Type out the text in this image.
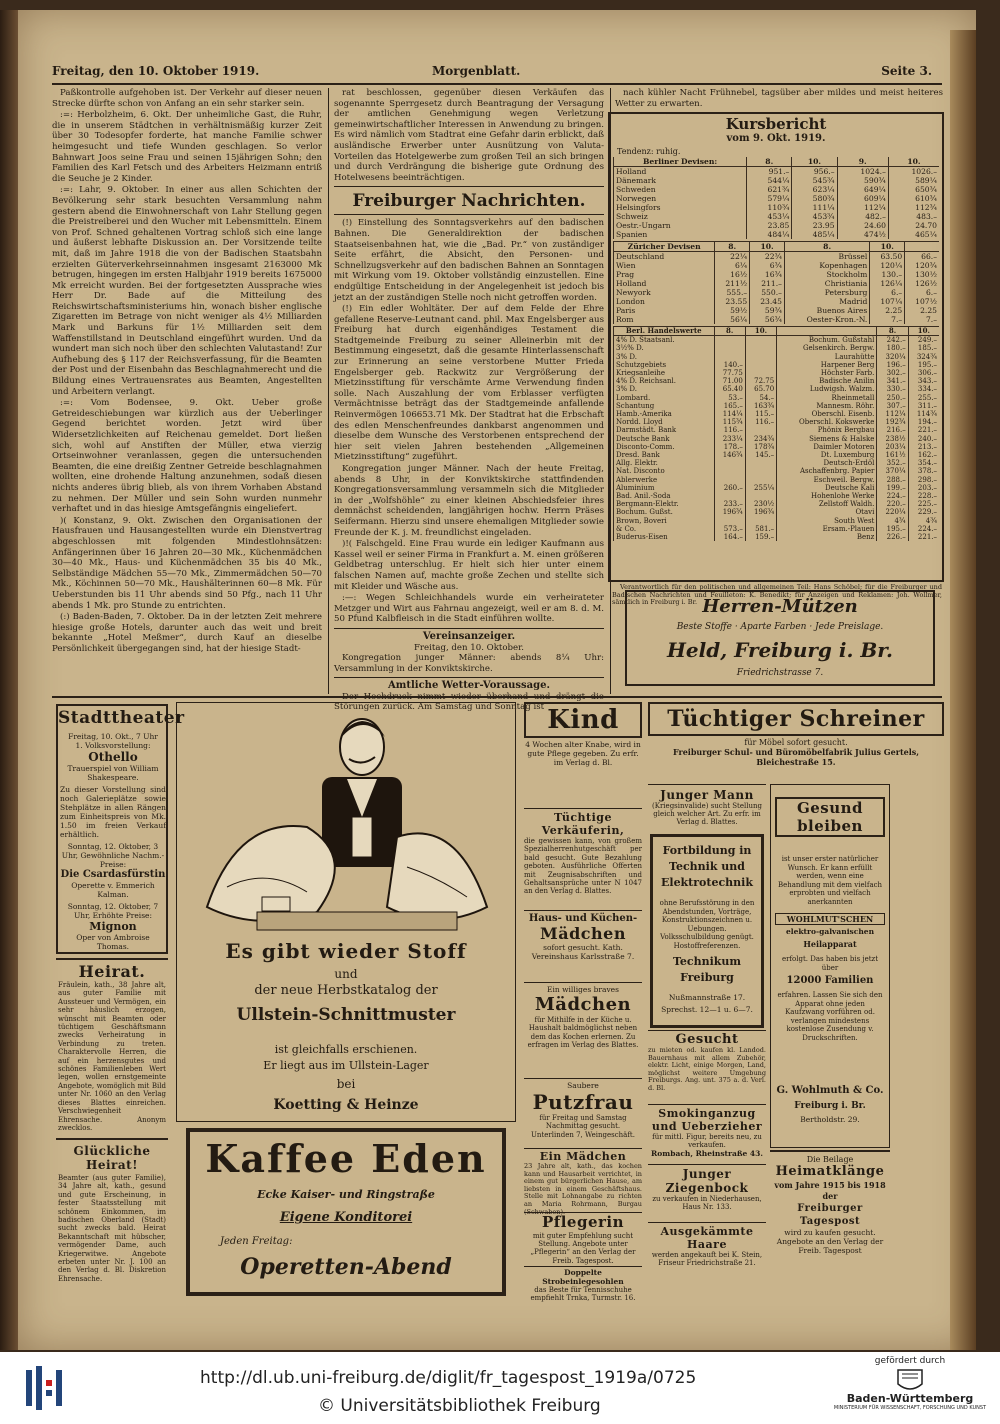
Freitag, den 10. Oktober 1919.	Morgenblatt.	Seite 3.

Paßkontrolle aufgehoben ist. Der Verkehr auf dieser neuen Strecke dürfte schon von Anfang an ein sehr starker sein.

:=: Herbolzheim, 6. Okt. Der unheimliche Gast, die Ruhr, die in unserem Städtchen in verhältnismäßig kurzer Zeit über 30 Todesopfer forderte, hat manche Familie schwer heimgesucht und tiefe Wunden geschlagen. So verlor Bahnwart Joos seine Frau und seinen 15jährigen Sohn; den Familien des Karl Fetsch und des Arbeiters Heizmann entriß die Seuche je 2 Kinder.

:=: Lahr, 9. Oktober. In einer aus allen Schichten der Bevölkerung sehr stark besuchten Versammlung nahm gestern abend die Einwohnerschaft von Lahr Stellung gegen die Preistreiberei und den Wucher mit Lebensmitteln. Einem von Prof. Schned gehaltenen Vortrag schloß sich eine lange und äußerst lebhafte Diskussion an. Der Vorsitzende teilte mit, daß im Jahre 1918 die von der Badischen Staatsbahn erzielten Güterverkehrseinnahmen insgesamt 2163000 Mk betrugen, hingegen im ersten Halbjahr 1919 bereits 1675000 Mk erreicht wurden. Bei der fortgesetzten Aussprache wies Herr Dr. Bade auf die Mitteilung des Reichswirtschaftsministeriums hin, wonach bisher englische Zigaretten im Betrage von nicht weniger als 4½ Milliarden Mark und Barkuns für 1½ Milliarden seit dem Waffenstillstand in Deutschland eingeführt wurden. Und da wundert man sich noch über den schlechten Valutastand! Zur Aufhebung des § 117 der Reichsverfassung, für die Beamten der Post und der Eisenbahn das Beschlagnahmerecht und die Bildung eines Vertrauensrates aus Beamten, Angestellten und Arbeitern verlangt.

:=: Vom Bodensee, 9. Okt. Ueber große Getreideschiebungen war kürzlich aus der Ueberlinger Gegend berichtet worden. Jetzt wird über Widersetzlichkeiten auf Reichenau gemeldet. Dort ließen sich, wohl auf Anstiften der Müller, etwa vierzig Ortseinwohner veranlassen, gegen die untersuchenden Beamten, die eine dreißig Zentner Getreide beschlagnahmen wollten, eine drohende Haltung anzunehmen, sodaß diesen nichts anderes übrig blieb, als von ihrem Vorhaben Abstand zu nehmen. Der Müller und sein Sohn wurden nunmehr verhaftet und in das hiesige Amtsgefängnis eingeliefert.

)( Konstanz, 9. Okt. Zwischen den Organisationen der Hausfrauen und Hausangestellten wurde ein Dienstvertrag abgeschlossen mit folgenden Mindestlohnsätzen: Anfängerinnen über 16 Jahren 20—30 Mk., Küchenmädchen 30—40 Mk., Haus- und Küchenmädchen 35 bis 40 Mk., Selbständige Mädchen 55—70 Mk., Zimmermädchen 50—70 Mk., Köchinnen 50—70 Mk., Haushälterinnen 60—8 Mk. Für Ueberstunden bis 11 Uhr abends sind 50 Pfg., nach 11 Uhr abends 1 Mk. pro Stunde zu entrichten.

(:) Baden-Baden, 7. Oktober. Da in der letzten Zeit mehrere hiesige große Hotels, darunter auch das weit und breit bekannte „Hotel Meßmer“, durch Kauf an dieselbe Persönlichkeit übergegangen sind, hat der hiesige Stadt-

rat beschlossen, gegenüber diesen Verkäufen das sogenannte Sperrgesetz durch Beantragung der Versagung der amtlichen Genehmigung wegen Verletzung gemeinwirtschaftlicher Interessen in Anwendung zu bringen. Es wird nämlich vom Stadtrat eine Gefahr darin erblickt, daß ausländische Erwerber unter Ausnützung von Valuta-Vorteilen das Hotelgewerbe zum großen Teil an sich bringen und durch Verdrängung die bisherige gute Ordnung des Hotelwesens beeinträchtigen.

Freiburger Nachrichten.

(!) Einstellung des Sonntagsverkehrs auf den badischen Bahnen. Die Generaldirektion der badischen Staatseisenbahnen hat, wie die „Bad. Pr.“ von zuständiger Seite erfährt, die Absicht, den Personen- und Schnellzugsverkehr auf den badischen Bahnen an Sonntagen mit Wirkung vom 19. Oktober vollständig einzustellen. Eine endgültige Entscheidung in der Angelegenheit ist jedoch bis jetzt an der zuständigen Stelle noch nicht getroffen worden.

(!) Ein edler Wohltäter. Der auf dem Felde der Ehre gefallene Reserve-Leutnant cand. phil. Max Engelsberger aus Freiburg hat durch eigenhändiges Testament die Stadtgemeinde Freiburg zu seiner Alleinerbin mit der Bestimmung eingesetzt, daß die gesamte Hinterlassenschaft zur Erinnerung an seine verstorbene Mutter Frieda Engelsberger geb. Rackwitz zur Vergrößerung der Mietzinsstiftung für verschämte Arme Verwendung finden solle. Nach Auszahlung der vom Erblasser verfügten Vermächtnisse beträgt das der Stadtgemeinde anfallende Reinvermögen 106653.71 Mk. Der Stadtrat hat die Erbschaft des edlen Menschenfreundes dankbarst angenommen und dieselbe dem Wunsche des Verstorbenen entsprechend der hier seit vielen Jahren bestehenden „Allgemeinen Mietzinsstiftung“ zugeführt.

Kongregation junger Männer. Nach der heute Freitag, abends 8 Uhr, in der Konviktskirche stattfindenden Kongregationsversammlung versammeln sich die Mitglieder in der „Wolfshöhle“ zu einer kleinen Abschiedsfeier ihres demnächst scheidenden, langjährigen hochw. Herrn Präses Seifermann. Hierzu sind unsere ehemaligen Mitglieder sowie Freunde der K. j. M. freundlichst eingeladen.

)!( Falschgeld. Eine Frau wurde ein lediger Kaufmann aus Kassel weil er seiner Firma in Frankfurt a. M. einen größeren Geldbetrag unterschlug. Er hielt sich hier unter einem falschen Namen auf, machte große Zechen und stellte sich mit Kleider und Wäsche aus.

:—: Wegen Schleichhandels wurde ein verheirateter Metzger und Wirt aus Fahrnau angezeigt, weil er am 8. d. M. 50 Pfund Kalbfleisch in die Stadt einführen wollte.

Vereinsanzeiger.
Freitag, den 10. Oktober.

Kongregation junger Männer: abends 8¼ Uhr: Versammlung in der Konviktskirche.

Amtliche Wetter-Voraussage.

Störungen zurück. Am Samstag und Sonntag ist

nach kühler Nacht Frühnebel, tagsüber aber mildes und meist heiteres Wetter zu erwarten.

Kursbericht
vom 9. Okt. 1919.
Tendenz: ruhig.
Berliner Devisen:	8.	10.	9.	10.
Holland	951.–	956.–	1024.–	1026.–
Dänemark	544¼	545¾	590¾	589¼
Schweden	621¾	623¼	649¼	650¾
Norwegen	579¼	580¾	609¼	610¾
Helsingfors	110¾	111¼	112¼	112¾
Schweiz	453¼	453¾	482.–	483.–
Oestr.-Ungarn	23.85	23.95	24.60	24.70
Spanien	484¼	485¼	474½	465¼
Züricher Devisen	8.	10.	8.	10.	
Deutschland	22¼	22¾	Brüssel	63.50	66.–
Wien	6¼	6¾	Kopenhagen	120¼	120¾
Prag	16½	16¾	Stockholm	130.–	130½
Holland	211½	211.–	Christiania	126¼	126½
Newyork	555.–	550.–	Petersburg	6.–	6.–
London	23.55	23.45	Madrid	107¼	107½
Paris	59½	59¾	Buenos Aires	2.25	2.25
Rom	56¼	56¾	Oester-Kron.-N.	7.–	7.–
Berl. Handelswerte	8.	10.		8.	10.
4% D. Staatsanl.			Bochum. Gußstahl	242.–	249.–
3½% D.			Gelsenkirch. Bergw.	180.–	185.–
3% D.			Laurahütte	320¼	324¾
Schutzgebiets	140.–		Harpener Berg	196.–	195.–
Kriegsanleihe	77.75		Höchster Farb.	302.–	306.–
4% D. Reichsanl.	71.00	72.75	Badische Anilin	341.–	343.–
3% D.	65.40	65.70	Ludwigsh. Walzm.	330.–	334.–
Lombard.	53.–	54.–	Rheinmetall	250.–	255.–
Schantung	165.–	163¾	Mannesm. Röhr.	307.–	311.–
Hamb.-Amerika	114¼	115.–	Oberschl. Eisenb.	112¼	114¾
Nordd. Lloyd	115¾	116.–	Oberschl. Kokswerke	192¾	194.–
Darmstädt. Bank	116.–		Phönix Bergbau	216.–	221.–
Deutsche Bank	233¼	234¾	Siemens & Halske	238½	240.–
Disconto-Comm.	178.–	178¾	Daimler Motoren	203¼	213.–
Dresd. Bank	146¾	145.–	Dt. Luxemburg	161½	162.–
Allg. Elektr.			Deutsch-Erdöl	352.–	354.–
Nat. Disconto			Aschaffenbrg. Papier	370¼	378.–
Ablerwerke			Eschweil. Bergw.	288.–	298.–
Aluminium	260.–	255¼	Deutsche Kali	199.–	203.–
Bad. Anil.-Soda			Hohenlohe Werke	224.–	228.–
Bergmann-Elektr.	233.–	230½	Zellstoff Waldh.	220.–	225.–
Bochum. Gußst.	196¾	196¾	Otavi	220¼	229.–
Brown, Boveri			South West	4¾	4¾
& Co.	573.–	581.–	Ersam.-Plauen	195.–	224.–
Buderus-Eisen	164.–	159.–	Benz	226.–	221.–

Verantwortlich für den politischen und allgemeinen Teil: Hans Schöbel; für die Freiburger und Badischen Nachrichten und Feuilleton: K. Benedikt; für Anzeigen und Reklamen: Joh. Wollmer, sämtlich in Freiburg i. Br. Herren-Mützen
Beste Stoffe · Aparte Farben · Jede Preislage.
Held, Freiburg i. Br.
Friedrichstrasse 7.
Stadttheater
Freitag, 10. Okt., 7 Uhr
1. Volksvorstellung:
Othello
Trauerspiel von William Shakespeare.
Zu dieser Vorstellung sind noch Galerieplätze sowie Stehplätze in allen Rängen zum Einheitspreis von Mk. 1.50 im freien Verkauf erhältlich.
Sonntag, 12. Oktober, 3 Uhr, Gewöhnliche Nachm.-Preise:
Die Csardasfürstin
Operette v. Emmerich Kalman.
Sonntag, 12. Oktober, 7 Uhr, Erhöhte Preise:
Mignon
Oper von Ambroise Thomas.
Heirat.
Fräulein, kath., 38 Jahre alt, aus guter Familie mit Aussteuer und Vermögen, ein sehr häuslich erzogen, wünscht mit Beamten oder tüchtigem Geschäftsmann zwecks Verheiratung in Verbindung zu treten. Charaktervolle Herren, die auf ein herzensgutes und schönes Familienleben Wert legen, wollen ernstgemeinte Angebote, womöglich mit Bild unter Nr. 1060 an den Verlag dieses Blattes einreichen. Verschwiegenheit Ehrensache. Anonym zwecklos.
Glückliche Heirat!
Beamter (aus guter Familie), 34 Jahre alt, kath., gesund und gute Erscheinung, in fester Staatsstellung mit schönem Einkommen, im badischen Oberland (Stadt) sucht zwecks bald. Heirat Bekanntschaft mit hübscher, vermögender Dame, auch Kriegerwitwe. Angebote erbeten unter Nr. J. 100 an den Verlag d. Bl. Diskretion Ehrensache.
Es gibt wieder Stoff
und
der neue Herbstkatalog der
Ullstein-Schnittmuster
ist gleichfalls erschienen.
Er liegt aus im Ullstein-Lager
bei
Koetting & Heinze
Kaffee Eden
Ecke Kaiser- und Ringstraße
Eigene Konditorei
Jeden Freitag:
Operetten-Abend
Kind
4 Wochen alter Knabe, wird in gute Pflege gegeben. Zu erfr. im Verlag d. Bl.
Tüchtige Verkäuferin,
die gewissen kann, von großem Spezialherrenhutgeschäft per bald gesucht. Gute Bezahlung geboten. Ausführliche Offerten mit Zeugnisabschriften und Gehaltsansprüche unter N 1047 an den Verlag d. Blattes.
Haus- und Küchen-
Mädchen
sofort gesucht. Kath. Vereinshaus Karlsstraße 7.
Ein williges braves
Mädchen
für Mithilfe in der Küche u. Haushalt baldmöglichst neben dem das Kochen erlernen. Zu erfragen im Verlag des Blattes.
Saubere
Putzfrau
für Freitag und Samstag Nachmittag gesucht. Unterlinden 7, Weingeschäft.
Ein Mädchen
23 Jahre alt, kath., das kochen kann und Hausarbeit verrichtet, in einem gut bürgerlichen Hause, am liebsten in einem Geschäftshaus. Stelle mit Lohnangabe zu richten an Maria Rohrmann, Burgau (Schwaben).
Pflegerin
mit guter Empfehlung sucht Stellung. Angebote unter „Pflegerin“ an den Verlag der Freib. Tagespost.
Doppelte Strobeinlegesohlen
das Beste für Tennisschuhe empfiehlt Trnka, Turmstr. 16.
Tüchtiger Schreiner
für Möbel sofort gesucht.
Freiburger Schul- und Büromöbelfabrik Julius Gertels, Bleichestraße 15.
Junger Mann
(Kriegsinvalide) sucht Stellung gleich welcher Art. Zu erfr. im Verlag d. Blattes.
Fortbildung in
Technik und
Elektrotechnik
ohne Berufsstörung in den Abendstunden, Vorträge, Konstruktionszeichnen u. Uebungen. Volksschulbildung genügt. Hostoffreferenzen.
Technikum
Freiburg
Nußmannstraße 17.
Sprechst. 12—1 u. 6—7.
Gesucht
zu mieten od. kaufen kl. Landod. Bauernhaus mit allem Zubehör, elektr. Licht, einige Morgen, Land, möglichst weitere Umgebung Freiburgs. Ang. unt. 375 a. d. Verl. d. Bl.
Smokinganzug und Ueberzieher
für mittl. Figur, bereits neu, zu verkaufen.
Rombach, Rheinstraße 43.
Junger Ziegenbock
zu verkaufen in Niederhausen, Haus Nr. 133.
Ausgekämmte Haare
werden angekauft bei K. Stein, Friseur Friedrichstraße 21.
Gesund bleiben
ist unser erster natürlicher Wunsch. Er kann erfüllt werden, wenn eine Behandlung mit dem vielfach erprobten und vielfach anerkannten
WOHLMUT'SCHEN
elektro-galvanischen
Heilapparat
erfolgt. Das haben bis jetzt über
12000 Familien
erfahren. Lassen Sie sich den Apparat ohne jeden Kaufzwang vorführen od. verlangen mindestens kostenlose Zusendung v. Druckschriften.
G. Wohlmuth & Co.
Freiburg i. Br.
Bertholdstr. 29.
Die Beilage
Heimatklänge
vom Jahre 1915 bis 1918 der
Freiburger Tagespost
wird zu kaufen gesucht. Angebote an den Verlag der Freib. Tagespost
http://dl.ub.uni-freiburg.de/diglit/fr_tagespost_1919a/0725
© Universitätsbibliothek Freiburg
gefördert durch
Baden-Württemberg
MINISTERIUM FÜR WISSENSCHAFT, FORSCHUNG UND KUNST
